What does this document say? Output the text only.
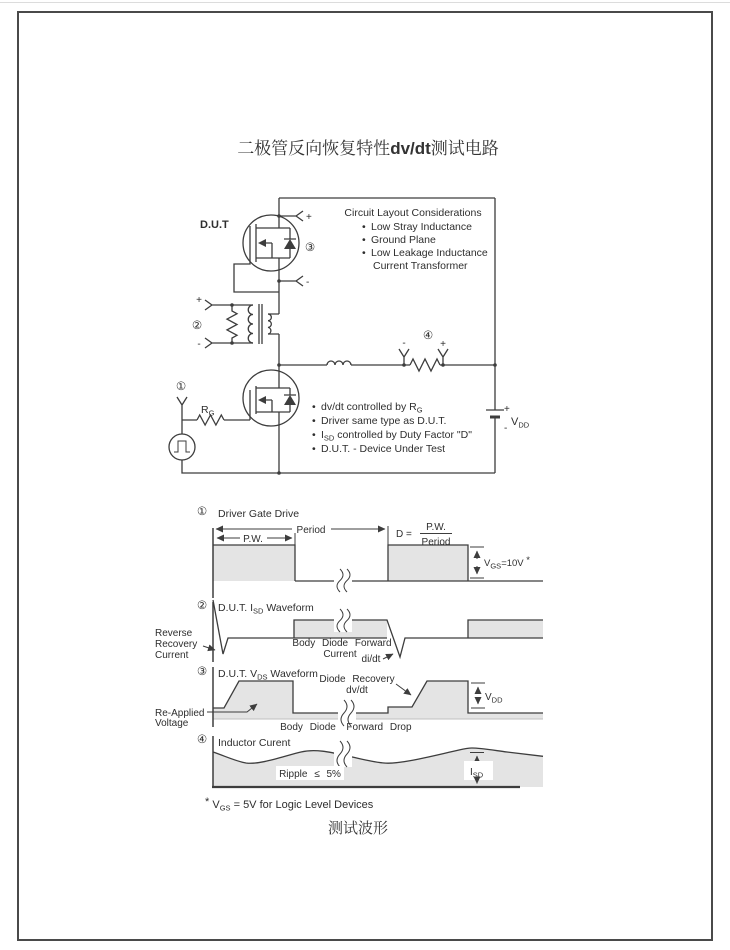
二极管反向恢复特性dv/dt测试电路
D.U.T
+
-
③
②
+
-
①
$R_G$
④
-	+
+
-
$V_{DD}$
Circuit Layout Considerations
• Low Stray Inductance
• Ground Plane
• Low Leakage Inductance
Current Transformer
• dv/dt controlled by $R_G$
• Driver same type as D.U.T.
• $I_{SD}$ controlled by Duty Factor "D"
• D.U.T. - Device Under Test
① Driver Gate Drive
Period
P.W.	D =
P.W.
Period
$V_{GS}=10V$ *
② D.U.T. $I_{SD}$ Waveform
Reverse
Recovery
Current
Body Diode Forward
Current di/dt
③ D.U.T. $V_{DS}$ Waveform Diode Recovery
dv/dt
Re-Applied
Voltage	Body Diode Forward Drop
$V_{DD}$
④ Inductor Curent
Ripple ≤ 5%	$I_{SD}$
* $V_{GS} = 5V$ for Logic Level Devices
测试波形
